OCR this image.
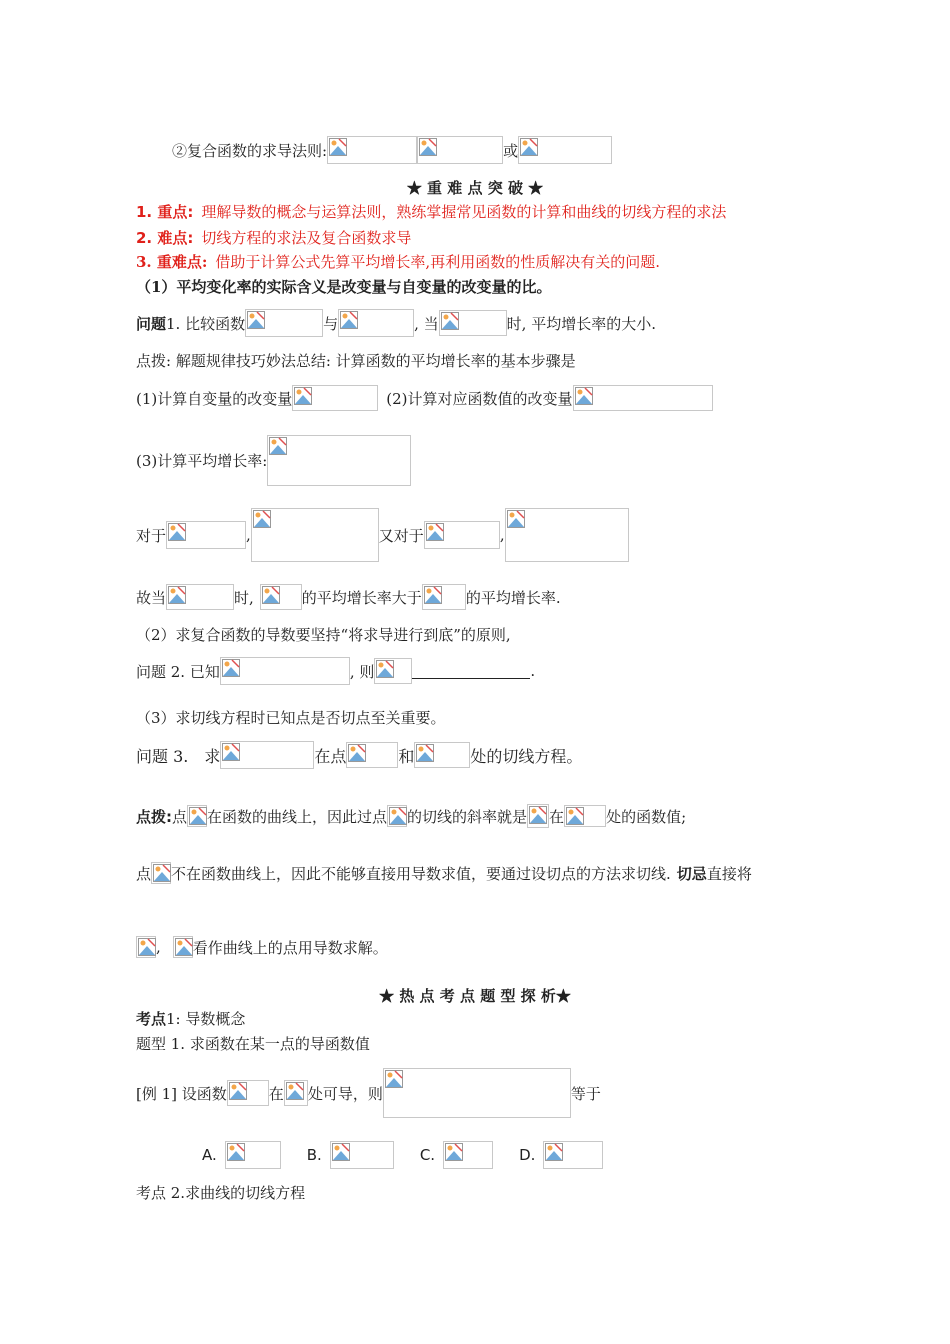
②复合函数的求导法则:	或
★ 重 难 点 突 破 ★
1. 重点: 理解导数的概念与运算法则，熟练掌握常见函数的计算和曲线的切线方程的求法
2. 难点: 切线方程的求法及复合函数求导
3. 重难点: 借助于计算公式先算平均增长率,再利用函数的性质解决有关的问题.
（1）平均变化率的实际含义是改变量与自变量的改变量的比。
问题 1. 比较函数	与	, 当	时, 平均增长率的大小.
点拨: 解题规律技巧妙法总结: 计算函数的平均增长率的基本步骤是
(1)计算自变量的改变量	(2)计算对应函数值的改变量
(3)计算平均增长率:
对于	,	又对于	,
故当	时,	的平均增长率大于	的平均增长率.
（2）求复合函数的导数要坚持“将求导进行到底”的原则,
问题 2. 已知	, 则	.
（3）求切线方程时已知点是否切点至关重要。
问题 3.　求	在点	和	处的切线方程。
点拨: 点 在函数的曲线上，因此过点 的切线的斜率就是 在	处的函数值;
点 不在函数曲线上，因此不能够直接用导数求值，要通过设切点的方法求切线. 切忌 直接将
, 看作曲线上的点用导数求解。
★ 热 点 考 点 题 型 探 析★
考点 1: 导数概念
题型 1. 求函数在某一点的导函数值
[例 1] 设函数	在 处可导，则	等于
A.	B.	C.	D.
考点 2.求曲线的切线方程
